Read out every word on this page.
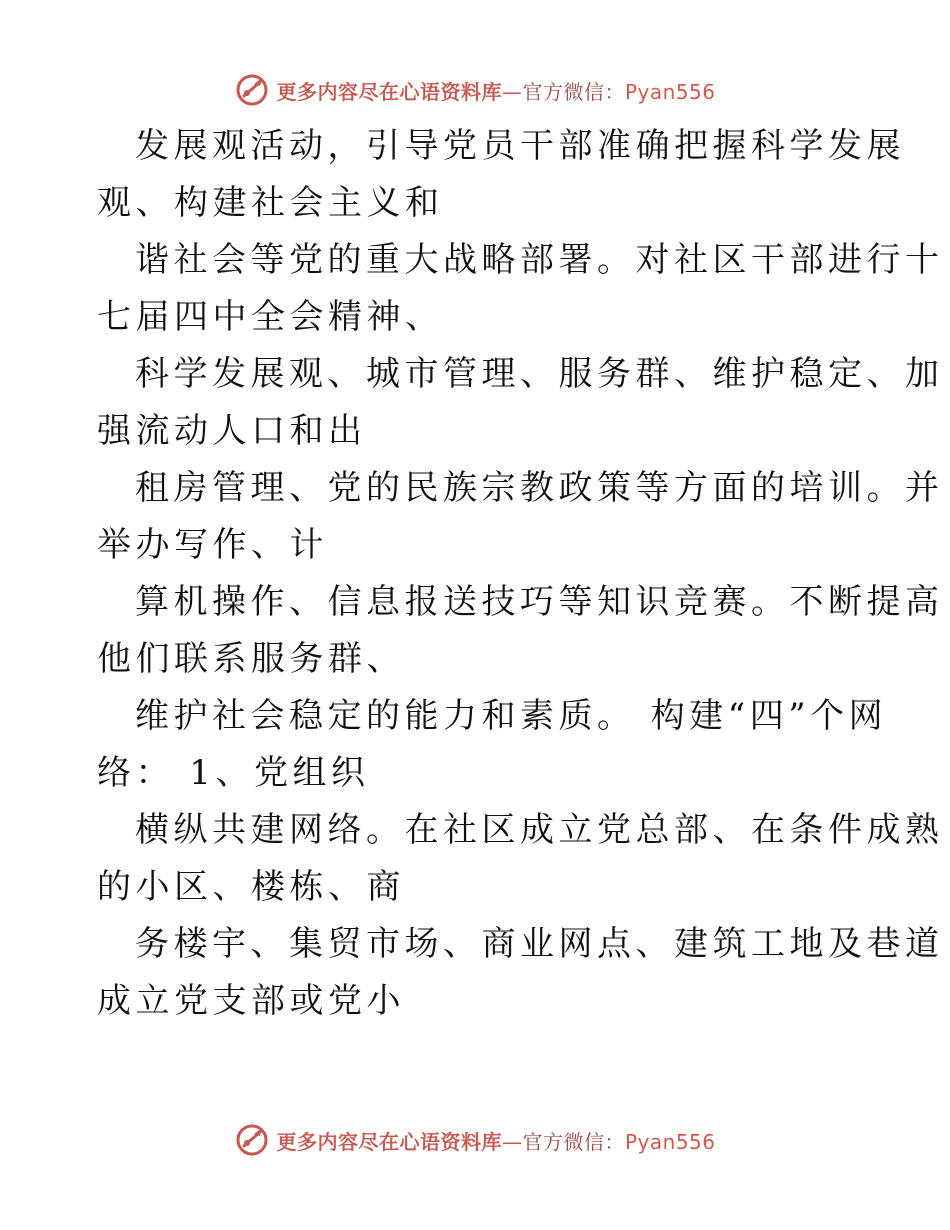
更多内容尽在心语资料库—官方微信：Pyan556
发展观活动，引导党员干部准确把握科学发展
观、构建社会主义和
谐社会等党的重大战略部署。对社区干部进行十
七届四中全会精神、
科学发展观、城市管理、服务群、维护稳定、加
强流动人口和出
租房管理、党的民族宗教政策等方面的培训。并
举办写作、计
算机操作、信息报送技巧等知识竞赛。不断提高
他们联系服务群、
维护社会稳定的能力和素质。 构建“四”个网
络： 1、党组织
横纵共建网络。在社区成立党总部、在条件成熟
的小区、楼栋、商
务楼宇、集贸市场、商业网点、建筑工地及巷道
成立党支部或党小
更多内容尽在心语资料库—官方微信：Pyan556
